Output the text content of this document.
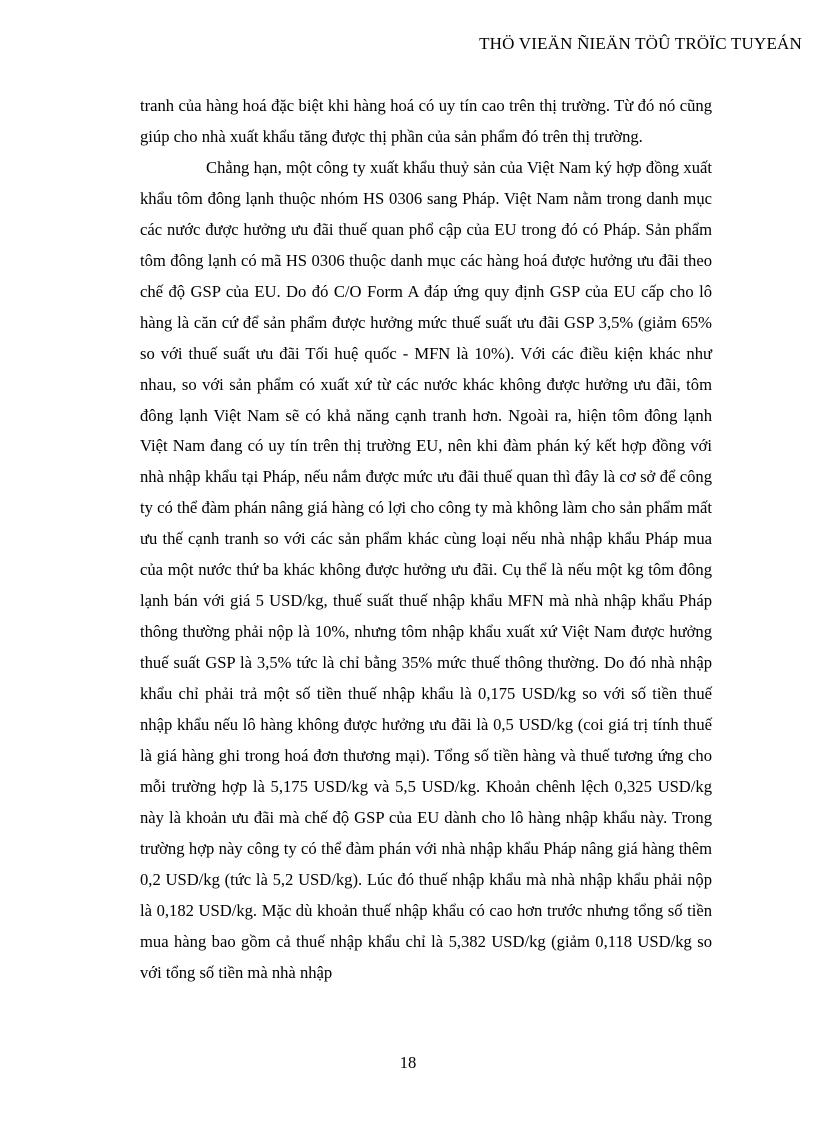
THÖ VIEÄN ÑIEÄN TÖÛ TRÖÏC TUYEÁN

tranh của hàng hoá đặc biệt khi hàng hoá có uy tín cao trên thị trường. Từ đó nó cũng giúp cho nhà xuất khẩu tăng được thị phần của sản phẩm đó trên thị trường.

Chẳng hạn, một công ty xuất khẩu thuỷ sản của Việt Nam ký hợp đồng xuất khẩu tôm đông lạnh thuộc nhóm HS 0306 sang Pháp. Việt Nam nằm trong danh mục các nước được hưởng ưu đãi thuế quan phổ cập của EU trong đó có Pháp. Sản phẩm tôm đông lạnh có mã HS 0306 thuộc danh mục các hàng hoá được hưởng ưu đãi theo chế độ GSP của EU. Do đó C/O Form A đáp ứng quy định GSP của EU cấp cho lô hàng là căn cứ để sản phẩm được hưởng mức thuế suất ưu đãi GSP 3,5% (giảm 65% so với thuế suất ưu đãi Tối huệ quốc - MFN là 10%). Với các điều kiện khác như nhau, so với sản phẩm có xuất xứ từ các nước khác không được hưởng ưu đãi, tôm đông lạnh Việt Nam sẽ có khả năng cạnh tranh hơn. Ngoài ra, hiện tôm đông lạnh Việt Nam đang có uy tín trên thị trường EU, nên khi đàm phán ký kết hợp đồng với nhà nhập khẩu tại Pháp, nếu nắm được mức ưu đãi thuế quan thì đây là cơ sở để công ty có thể đàm phán nâng giá hàng có lợi cho công ty mà không làm cho sản phẩm mất ưu thế cạnh tranh so với các sản phẩm khác cùng loại nếu nhà nhập khẩu Pháp mua của một nước thứ ba khác không được hưởng ưu đãi. Cụ thể là nếu một kg tôm đông lạnh bán với giá 5 USD/kg, thuế suất thuế nhập khẩu MFN mà nhà nhập khẩu Pháp thông thường phải nộp là 10%, nhưng tôm nhập khẩu xuất xứ Việt Nam được hưởng thuế suất GSP là 3,5% tức là chỉ bằng 35% mức thuế thông thường. Do đó nhà nhập khẩu chỉ phải trả một số tiền thuế nhập khẩu là 0,175 USD/kg so với số tiền thuế nhập khẩu nếu lô hàng không được hưởng ưu đãi là 0,5 USD/kg (coi giá trị tính thuế là giá hàng ghi trong hoá đơn thương mại). Tổng số tiền hàng và thuế tương ứng cho mỗi trường hợp là 5,175 USD/kg và 5,5 USD/kg. Khoản chênh lệch 0,325 USD/kg này là khoản ưu đãi mà chế độ GSP của EU dành cho lô hàng nhập khẩu này. Trong trường hợp này công ty có thể đàm phán với nhà nhập khẩu Pháp nâng giá hàng thêm 0,2 USD/kg (tức là 5,2 USD/kg). Lúc đó thuế nhập khẩu mà nhà nhập khẩu phải nộp là 0,182 USD/kg. Mặc dù khoản thuế nhập khẩu có cao hơn trước nhưng tổng số tiền mua hàng bao gồm cả thuế nhập khẩu chỉ là 5,382 USD/kg (giảm 0,118 USD/kg so với tổng số tiền mà nhà nhập

18
